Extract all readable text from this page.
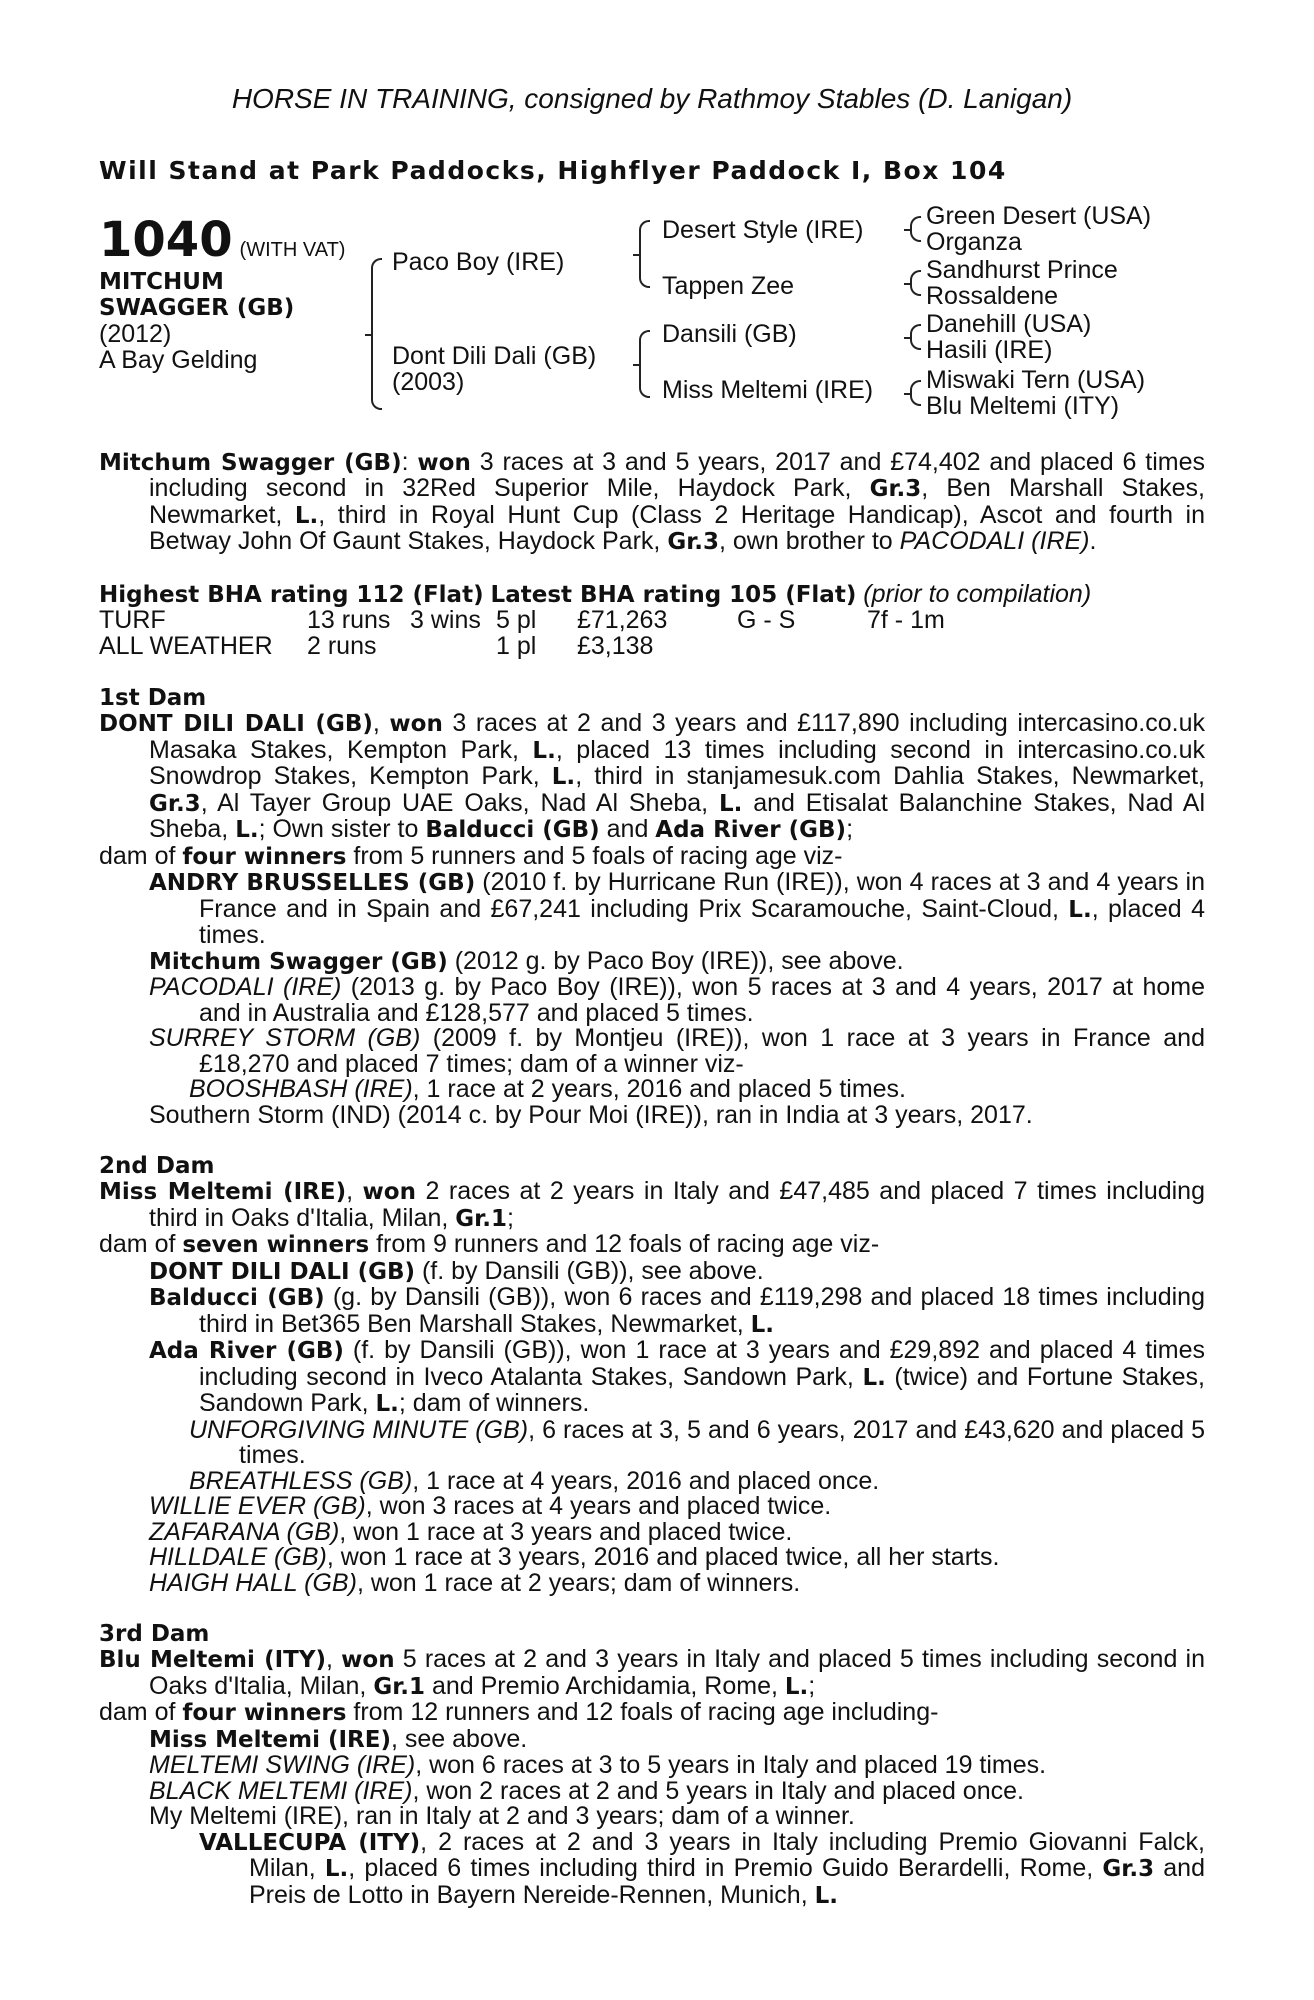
HORSE IN TRAINING, consigned by Rathmoy Stables (D. Lanigan)

Will Stand at Park Paddocks, Highflyer Paddock I, Box 104
1040 (WITH VAT)
MITCHUM
SWAGGER (GB)
(2012)
A Bay Gelding
Paco Boy (IRE)
Dont Dili Dali (GB)
(2003)
Desert Style (IRE)
Tappen Zee
Dansili (GB)
Miss Meltemi (IRE)
Green Desert (USA)
Organza
Sandhurst Prince
Rossaldene
Danehill (USA)
Hasili (IRE)
Miswaki Tern (USA)
Blu Meltemi (ITY)

Mitchum Swagger (GB): won 3 races at 3 and 5 years, 2017 and £74,402 and placed 6 times including second in 32Red Superior Mile, Haydock Park, Gr.3, Ben Marshall Stakes, Newmarket, L., third in Royal Hunt Cup (Class 2 Heritage Handicap), Ascot and fourth in Betway John Of Gaunt Stakes, Haydock Park, Gr.3, own brother to PACODALI (IRE).

Highest BHA rating 112 (Flat) Latest BHA rating 105 (Flat) (prior to compilation)
TURF	13 runs 3 wins 5 pl £71,263	G - S	7f - 1m
ALL WEATHER 2 runs	1 pl £3,138
1st Dam

DONT DILI DALI (GB), won 3 races at 2 and 3 years and £117,890 including intercasino.co.uk Masaka Stakes, Kempton Park, L., placed 13 times including second in intercasino.co.uk Snowdrop Stakes, Kempton Park, L., third in stanjamesuk.com Dahlia Stakes, Newmarket, Gr.3, Al Tayer Group UAE Oaks, Nad Al Sheba, L. and Etisalat Balanchine Stakes, Nad Al Sheba, L.; Own sister to Balducci (GB) and Ada River (GB);

dam of four winners from 5 runners and 5 foals of racing age viz-

ANDRY BRUSSELLES (GB) (2010 f. by Hurricane Run (IRE)), won 4 races at 3 and 4 years in France and in Spain and £67,241 including Prix Scaramouche, Saint-Cloud, L., placed 4 times.

Mitchum Swagger (GB) (2012 g. by Paco Boy (IRE)), see above.

PACODALI (IRE) (2013 g. by Paco Boy (IRE)), won 5 races at 3 and 4 years, 2017 at home and in Australia and £128,577 and placed 5 times.

SURREY STORM (GB) (2009 f. by Montjeu (IRE)), won 1 race at 3 years in France and £18,270 and placed 7 times; dam of a winner viz-

BOOSHBASH (IRE), 1 race at 2 years, 2016 and placed 5 times.

Southern Storm (IND) (2014 c. by Pour Moi (IRE)), ran in India at 3 years, 2017.

2nd Dam

Miss Meltemi (IRE), won 2 races at 2 years in Italy and £47,485 and placed 7 times including third in Oaks d'Italia, Milan, Gr.1;

dam of seven winners from 9 runners and 12 foals of racing age viz-

DONT DILI DALI (GB) (f. by Dansili (GB)), see above.

Balducci (GB) (g. by Dansili (GB)), won 6 races and £119,298 and placed 18 times including third in Bet365 Ben Marshall Stakes, Newmarket, L.

Ada River (GB) (f. by Dansili (GB)), won 1 race at 3 years and £29,892 and placed 4 times including second in Iveco Atalanta Stakes, Sandown Park, L. (twice) and Fortune Stakes, Sandown Park, L.; dam of winners.

UNFORGIVING MINUTE (GB), 6 races at 3, 5 and 6 years, 2017 and £43,620 and placed 5 times.

BREATHLESS (GB), 1 race at 4 years, 2016 and placed once.

WILLIE EVER (GB), won 3 races at 4 years and placed twice.

ZAFARANA (GB), won 1 race at 3 years and placed twice.

HILLDALE (GB), won 1 race at 3 years, 2016 and placed twice, all her starts.

HAIGH HALL (GB), won 1 race at 2 years; dam of winners.

3rd Dam

Blu Meltemi (ITY), won 5 races at 2 and 3 years in Italy and placed 5 times including second in Oaks d'Italia, Milan, Gr.1 and Premio Archidamia, Rome, L.;

dam of four winners from 12 runners and 12 foals of racing age including-

Miss Meltemi (IRE), see above.

MELTEMI SWING (IRE), won 6 races at 3 to 5 years in Italy and placed 19 times.

BLACK MELTEMI (IRE), won 2 races at 2 and 5 years in Italy and placed once.

My Meltemi (IRE), ran in Italy at 2 and 3 years; dam of a winner.

VALLECUPA (ITY), 2 races at 2 and 3 years in Italy including Premio Giovanni Falck, Milan, L., placed 6 times including third in Premio Guido Berardelli, Rome, Gr.3 and Preis de Lotto in Bayern Nereide-Rennen, Munich, L.
